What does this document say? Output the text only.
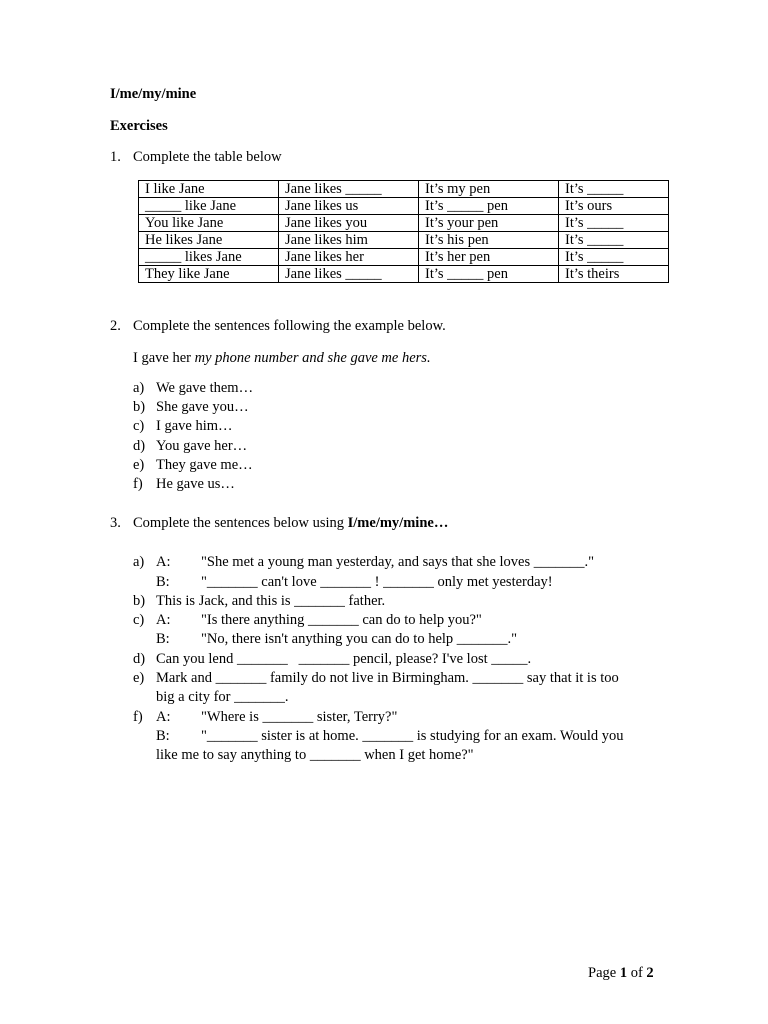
I/me/my/mine
Exercises
1. Complete the table below
I like Jane	Jane likes _____	It’s my pen	It’s _____
_____ like Jane	Jane likes us	It’s _____ pen	It’s ours
You like Jane	Jane likes you	It’s your pen	It’s _____
He likes Jane	Jane likes him	It’s his pen	It’s _____
_____ likes Jane	Jane likes her	It’s her pen	It’s _____
They like Jane	Jane likes _____	It’s _____ pen	It’s theirs
2. Complete the sentences following the example below.
I gave her my phone number and she gave me hers.
a) We gave them…
b) She gave you…
c) I gave him…
d) You gave her…
e) They gave me…
f) He gave us…
3. Complete the sentences below using I/me/my/mine…
a) A: "She met a young man yesterday, and says that she loves _______."
B: "_______ can't love _______ ! _______ only met yesterday!
b) This is Jack, and this is _______ father.
c) A: "Is there anything _______ can do to help you?"
B: "No, there isn't anything you can do to help _______."
d) Can you lend _______   _______ pencil, please? I've lost _____.
e) Mark and _______ family do not live in Birmingham. _______ say that it is too
big a city for _______.
f) A: "Where is _______ sister, Terry?"
B: "_______ sister is at home. _______ is studying for an exam. Would you
like me to say anything to _______ when I get home?"
Page 1 of 2
